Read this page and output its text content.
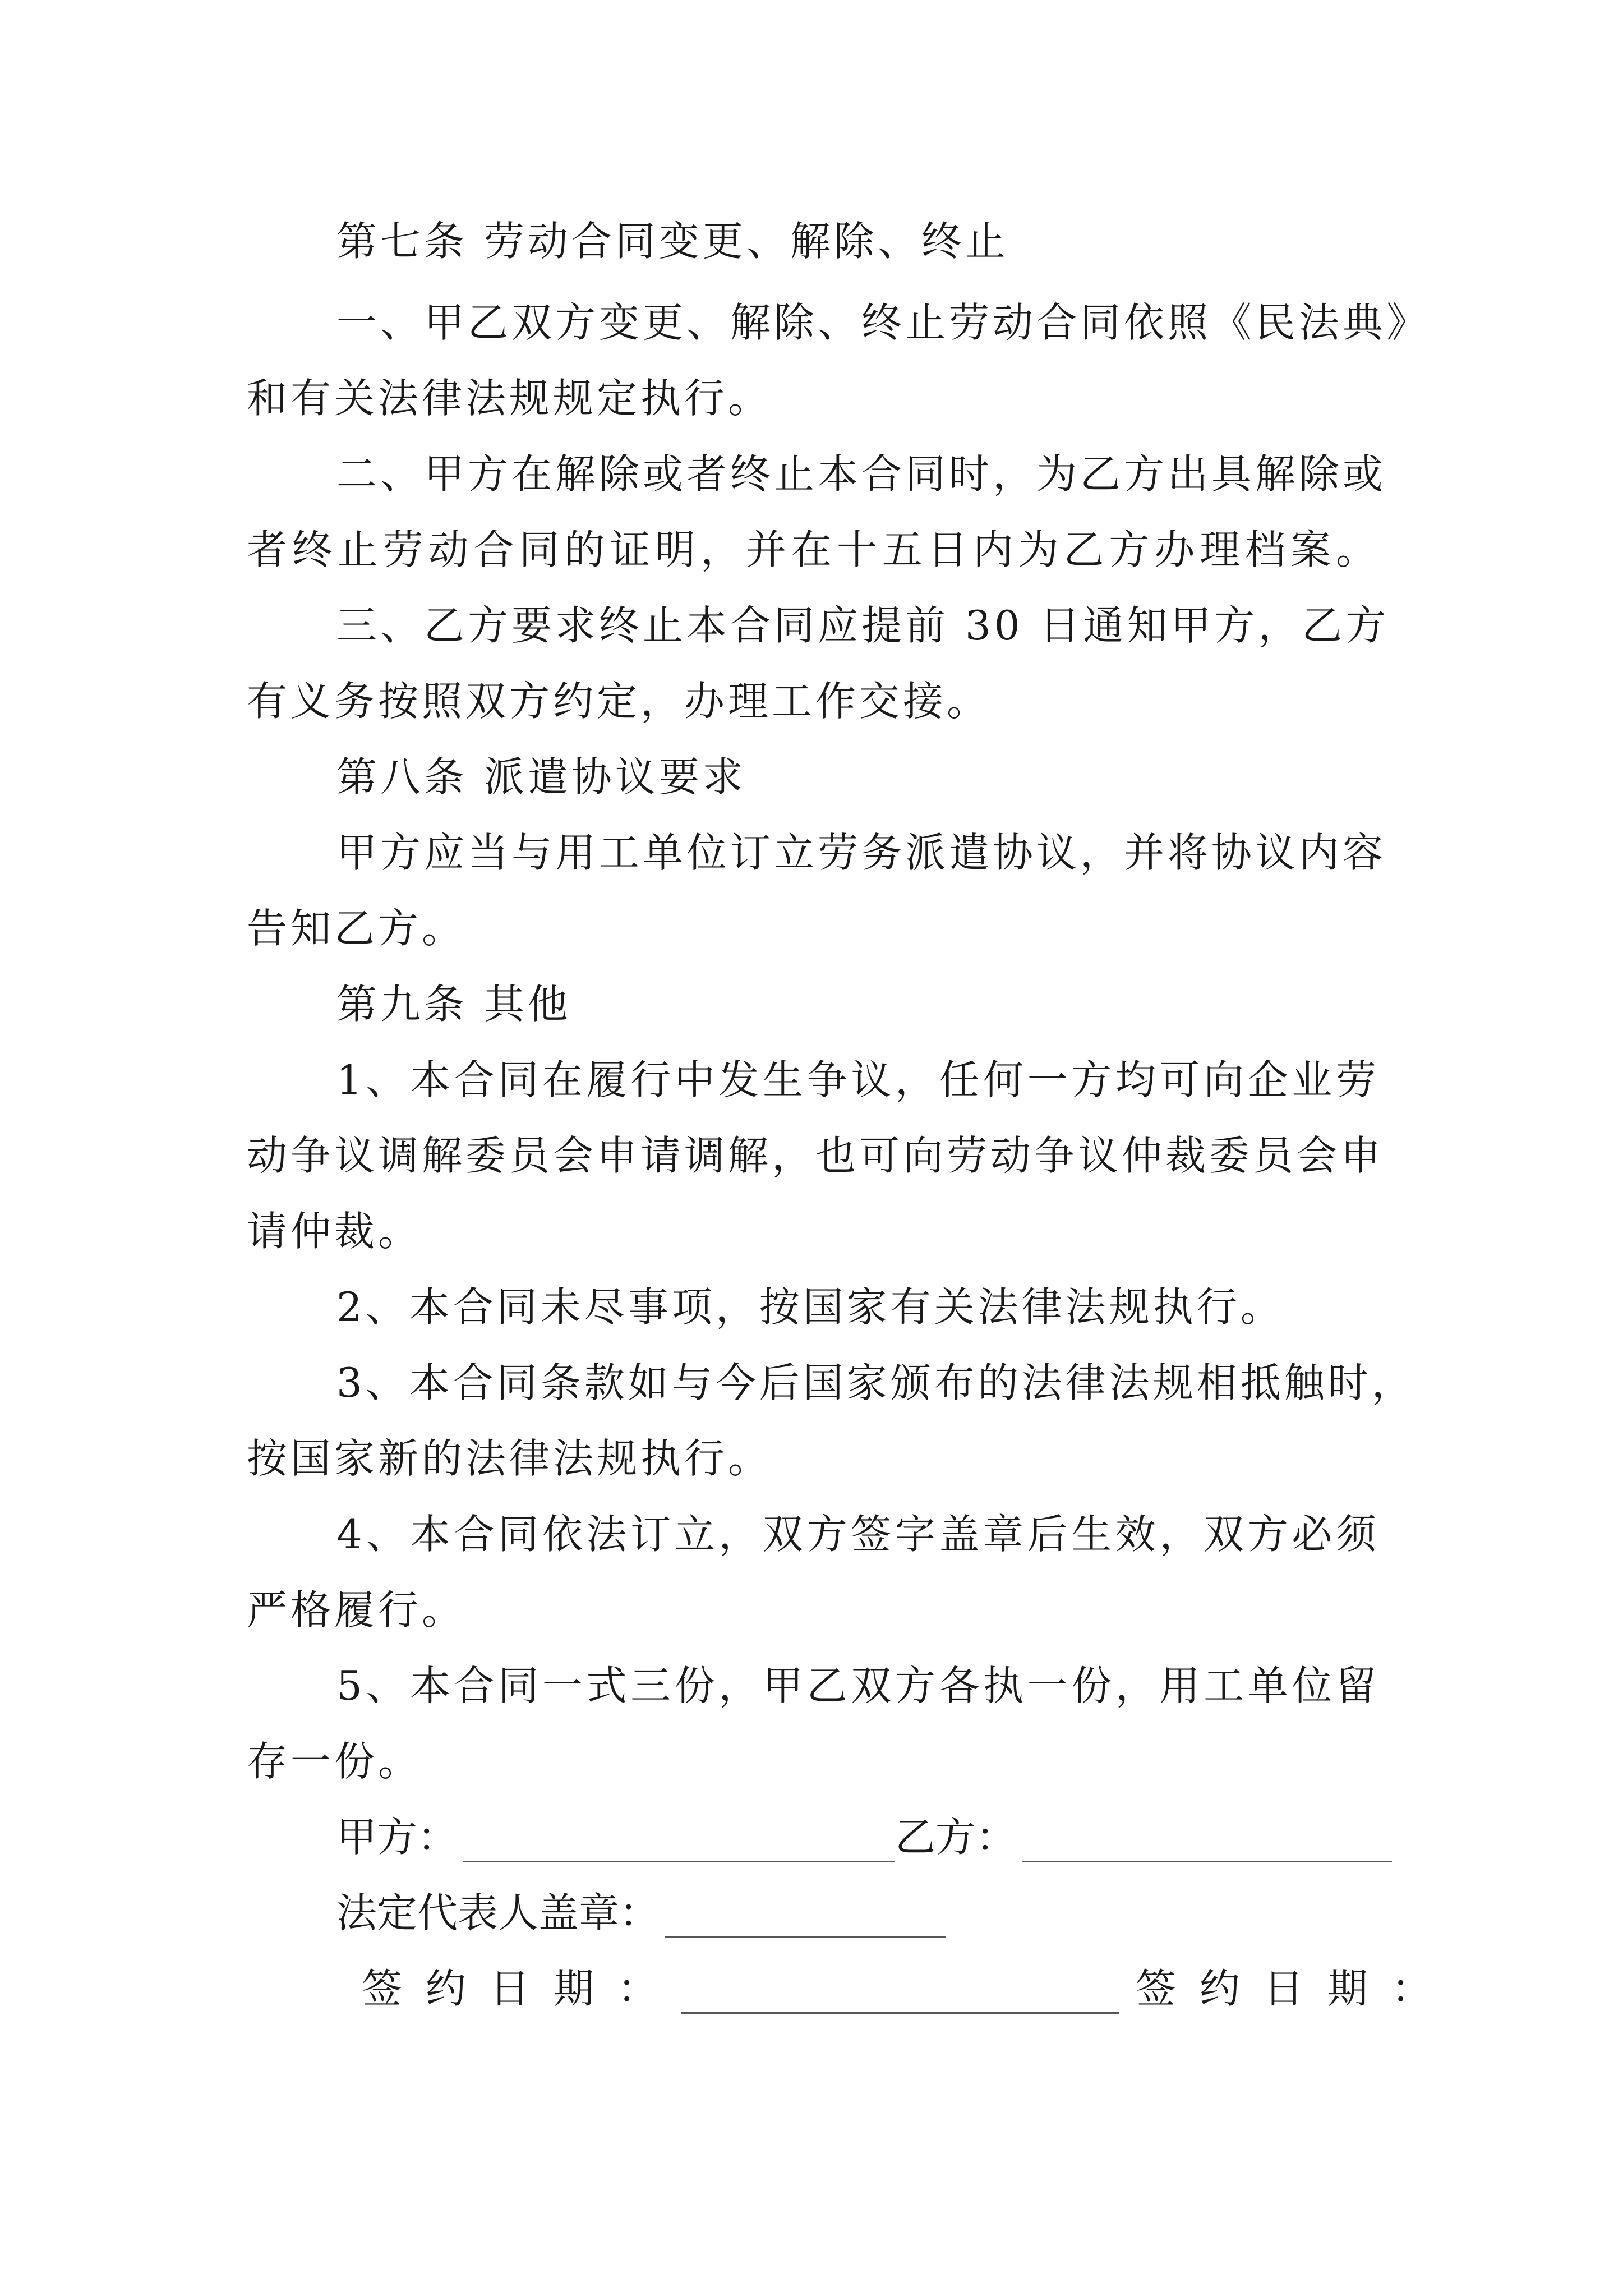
第七条 劳动合同变更、解除、终止
一、甲乙双方变更、解除、终止劳动合同依照《民法典》
和有关法律法规规定执行。
二、甲方在解除或者终止本合同时，为乙方出具解除或
者终止劳动合同的证明，并在十五日内为乙方办理档案。
三、乙方要求终止本合同应提前 30 日通知甲方，乙方
有义务按照双方约定，办理工作交接。
第八条 派遣协议要求
甲方应当与用工单位订立劳务派遣协议，并将协议内容
告知乙方。
第九条 其他
1、本合同在履行中发生争议，任何一方均可向企业劳
动争议调解委员会申请调解，也可向劳动争议仲裁委员会申
请仲裁。
2、本合同未尽事项，按国家有关法律法规执行。
3、本合同条款如与今后国家颁布的法律法规相抵触时，
按国家新的法律法规执行。
4、本合同依法订立，双方签字盖章后生效，双方必须
严格履行。
5、本合同一式三份，甲乙双方各执一份，用工单位留
存一份。
甲方：	乙方：
法定代表人盖章：
签约日期：	签约日期：
